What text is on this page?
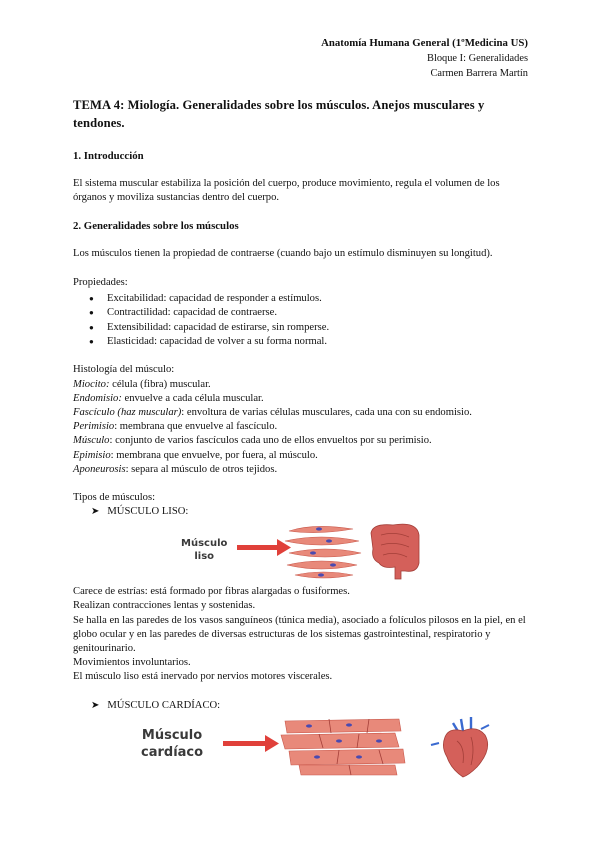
Anatomía Humana General (1ºMedicina US)
Bloque I: Generalidades
Carmen Barrera Martín
TEMA 4: Miología. Generalidades sobre los músculos. Anejos musculares y tendones.
1. Introducción

El sistema muscular estabiliza la posición del cuerpo, produce movimiento, regula el volumen de los órganos y moviliza sustancias dentro del cuerpo.

2. Generalidades sobre los músculos

Los músculos tienen la propiedad de contraerse (cuando bajo un estímulo disminuyen su longitud).

Propiedades:

● Excitabilidad: capacidad de responder a estímulos.
● Contractilidad: capacidad de contraerse.
● Extensibilidad: capacidad de estirarse, sin romperse.
● Elasticidad: capacidad de volver a su forma normal.

Histología del músculo:

Miocito: célula (fibra) muscular.

Endomisio: envuelve a cada célula muscular.

Fascículo (haz muscular): envoltura de varias células musculares, cada una con su endomisio.

Perimisio: membrana que envuelve al fascículo.

Músculo: conjunto de varios fascículos cada uno de ellos envueltos por su perimisio.

Epimisio: membrana que envuelve, por fuera, al músculo.

Aponeurosis: separa al músculo de otros tejidos.

Tipos de músculos:

➤ MÚSCULO LISO:
Músculo
liso

Carece de estrías: está formado por fibras alargadas o fusiformes.

Realizan contracciones lentas y sostenidas.

Se halla en las paredes de los vasos sanguíneos (túnica media), asociado a folículos pilosos en la piel, en el globo ocular y en las paredes de diversas estructuras de los sistemas gastrointestinal, respiratorio y genitourinario.

Movimientos involuntarios.

El músculo liso está inervado por nervios motores viscerales.

➤ MÚSCULO CARDÍACO:
Músculo
cardíaco
